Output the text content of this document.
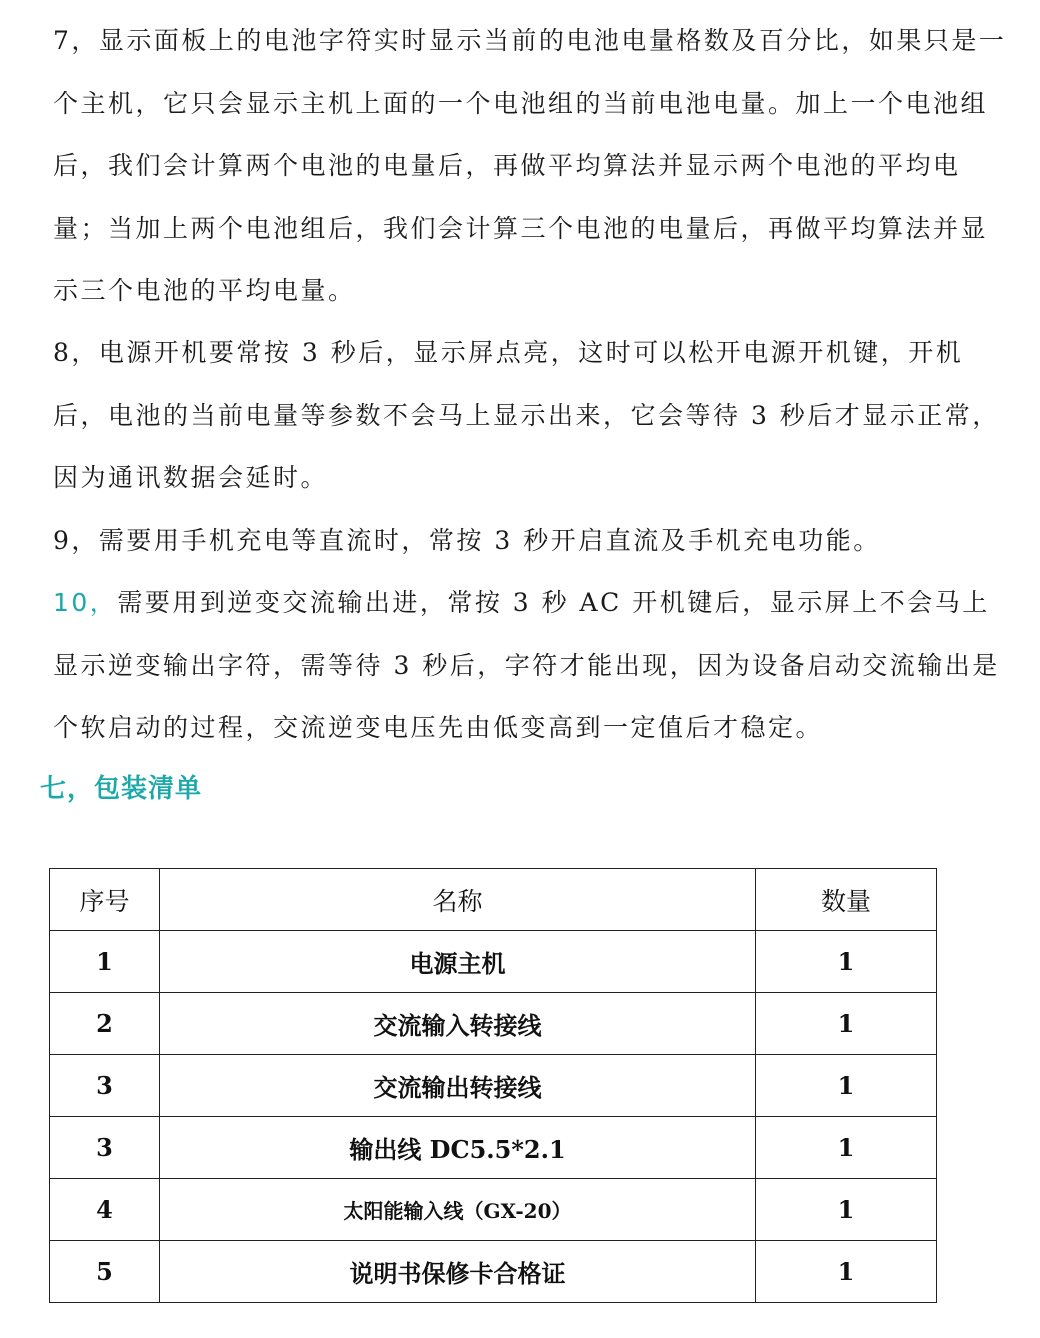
7，显示面板上的电池字符实时显示当前的电池电量格数及百分比，如果只是一个主机，它只会显示主机上面的一个电池组的当前电池电量。加上一个电池组后，我们会计算两个电池的电量后，再做平均算法并显示两个电池的平均电量；当加上两个电池组后，我们会计算三个电池的电量后，再做平均算法并显示三个电池的平均电量。

8，电源开机要常按 3 秒后，显示屏点亮，这时可以松开电源开机键，开机后，电池的当前电量等参数不会马上显示出来，它会等待 3 秒后才显示正常，因为通讯数据会延时。

9，需要用手机充电等直流时，常按 3 秒开启直流及手机充电功能。

10，需要用到逆变交流输出进，常按 3 秒 AC 开机键后，显示屏上不会马上显示逆变输出字符，需等待 3 秒后，字符才能出现，因为设备启动交流输出是个软启动的过程，交流逆变电压先由低变高到一定值后才稳定。

七，包装清单
序号	名称	数量
1	电源主机	1
2	交流输入转接线	1
3	交流输出转接线	1
3	输出线 DC5.5*2.1	1
4	太阳能输入线（GX-20）	1
5	说明书保修卡合格证	1
